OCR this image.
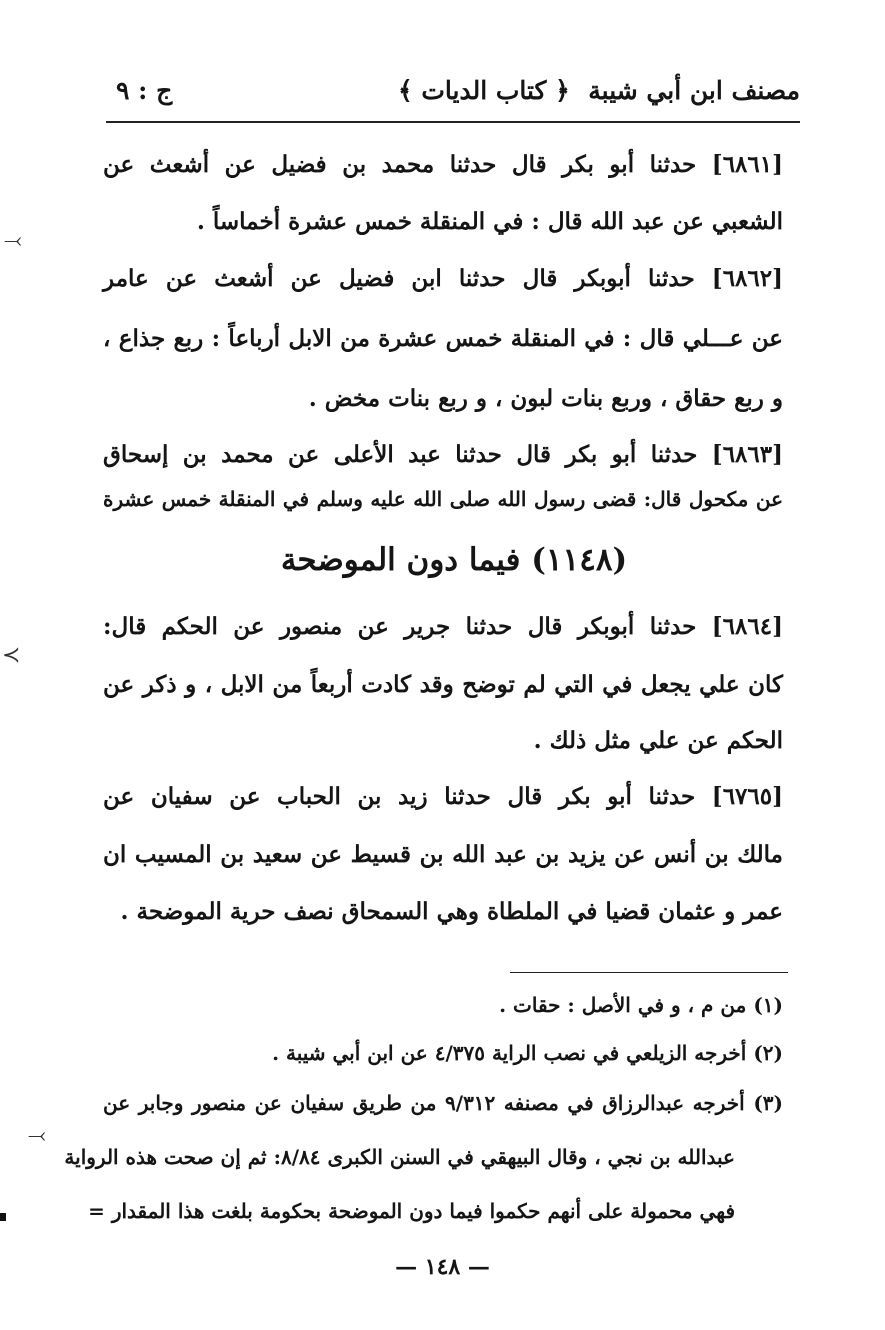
مصنف ابن أبي شيبة
﴿ كتاب الديات ﴾
ج : ٩
[٦٨٦١] حدثنا أبو بكر قال حدثنا محمد بن فضيل عن أشعث عن
الشعبي عن عبد الله قال : في المنقلة خمس عشرة أخماساً .
[٦٨٦٢] حدثنا أبوبكر قال حدثنا ابن فضيل عن أشعث عن عامر
عن عـــلي قال : في المنقلة خمس عشرة من الابل أرباعاً : ربع جذاع ،
و ربع حقاق ، وربع بنات لبون ، و ربع بنات مخض .
[٦٨٦٣] حدثنا أبو بكر قال حدثنا عبد الأعلى عن محمد بن إسحاق
عن مكحول قال: قضى رسول الله صلى الله عليه وسلم في المنقلة خمس عشرة
(١١٤٨) فيما دون الموضحة
[٦٨٦٤] حدثنا أبوبكر قال حدثنا جرير عن منصور عن الحكم قال:
كان علي يجعل في التي لم توضح وقد كادت أربعاً من الابل ، و ذكر عن
الحكم عن علي مثل ذلك .
[٦٧٦٥] حدثنا أبو بكر قال حدثنا زيد بن الحباب عن سفيان عن
مالك بن أنس عن يزيد بن عبد الله بن قسيط عن سعيد بن المسيب ان
عمر و عثمان قضيا في الملطاة وهي السمحاق نصف حرية الموضحة .
(١) من م ، و في الأصل : حقات .
(٢) أخرجه الزيلعي في نصب الراية ٤/٣٧٥ عن ابن أبي شيبة .
(٣) أخرجه عبدالرزاق في مصنفه ٩/٣١٢ من طريق سفيان عن منصور وجابر عن
عبدالله بن نجي ، وقال البيهقي في السنن الكبرى ٨/٨٤: ثم إن صحت هذه الرواية
فهي محمولة على أنهم حكموا فيما دون الموضحة بحكومة بلغت هذا المقدار =
— ١٤٨ —
⤙
≺
⤙
